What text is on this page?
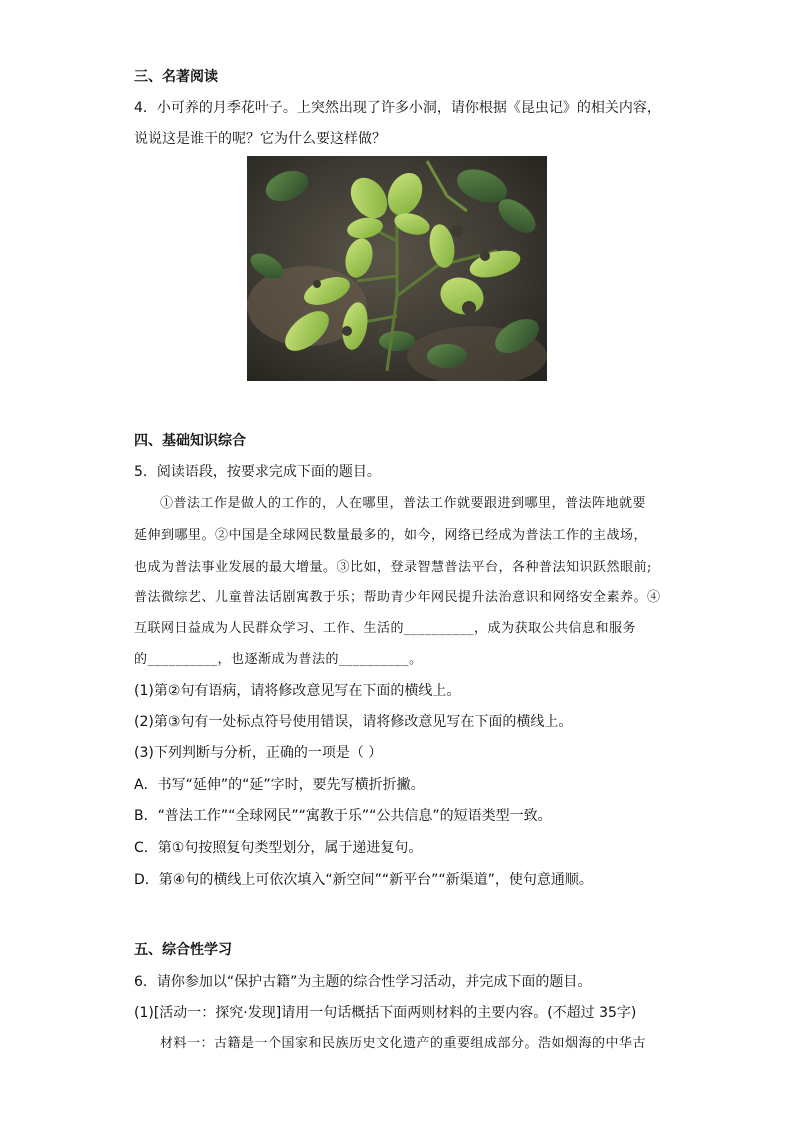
三、名著阅读
4．小可养的月季花叶子。上突然出现了许多小洞，请你根据《昆虫记》的相关内容，
说说这是谁干的呢？它为什么要这样做？
四、基础知识综合
5．阅读语段，按要求完成下面的题目。
①普法工作是做人的工作的，人在哪里，普法工作就要跟进到哪里，普法阵地就要
延伸到哪里。②中国是全球网民数量最多的，如今，网络已经成为普法工作的主战场，
也成为普法事业发展的最大增量。③比如，登录智慧普法平台，各种普法知识跃然眼前;
普法微综艺、儿童普法话剧寓教于乐；帮助青少年网民提升法治意识和网络安全素养。④
互联网日益成为人民群众学习、工作、生活的__________，成为获取公共信息和服务
的__________，也逐渐成为普法的__________。
(1)第②句有语病，请将修改意见写在下面的横线上。
(2)第③句有一处标点符号使用错误，请将修改意见写在下面的横线上。
(3)下列判断与分析，正确的一项是（ ）
A．书写“延伸”的“延”字时，要先写横折折撇。
B．“普法工作”“全球网民”“寓教于乐”“公共信息”的短语类型一致。
C．第①句按照复句类型划分，属于递进复句。
D．第④句的横线上可依次填入“新空间”“新平台”“新渠道”，使句意通顺。
五、综合性学习
6．请你参加以“保护古籍”为主题的综合性学习活动，并完成下面的题目。
(1)[活动一：探究·发现]请用一句话概括下面两则材料的主要内容。(不超过 35字)
材料一：古籍是一个国家和民族历史文化遗产的重要组成部分。浩如烟海的中华古
